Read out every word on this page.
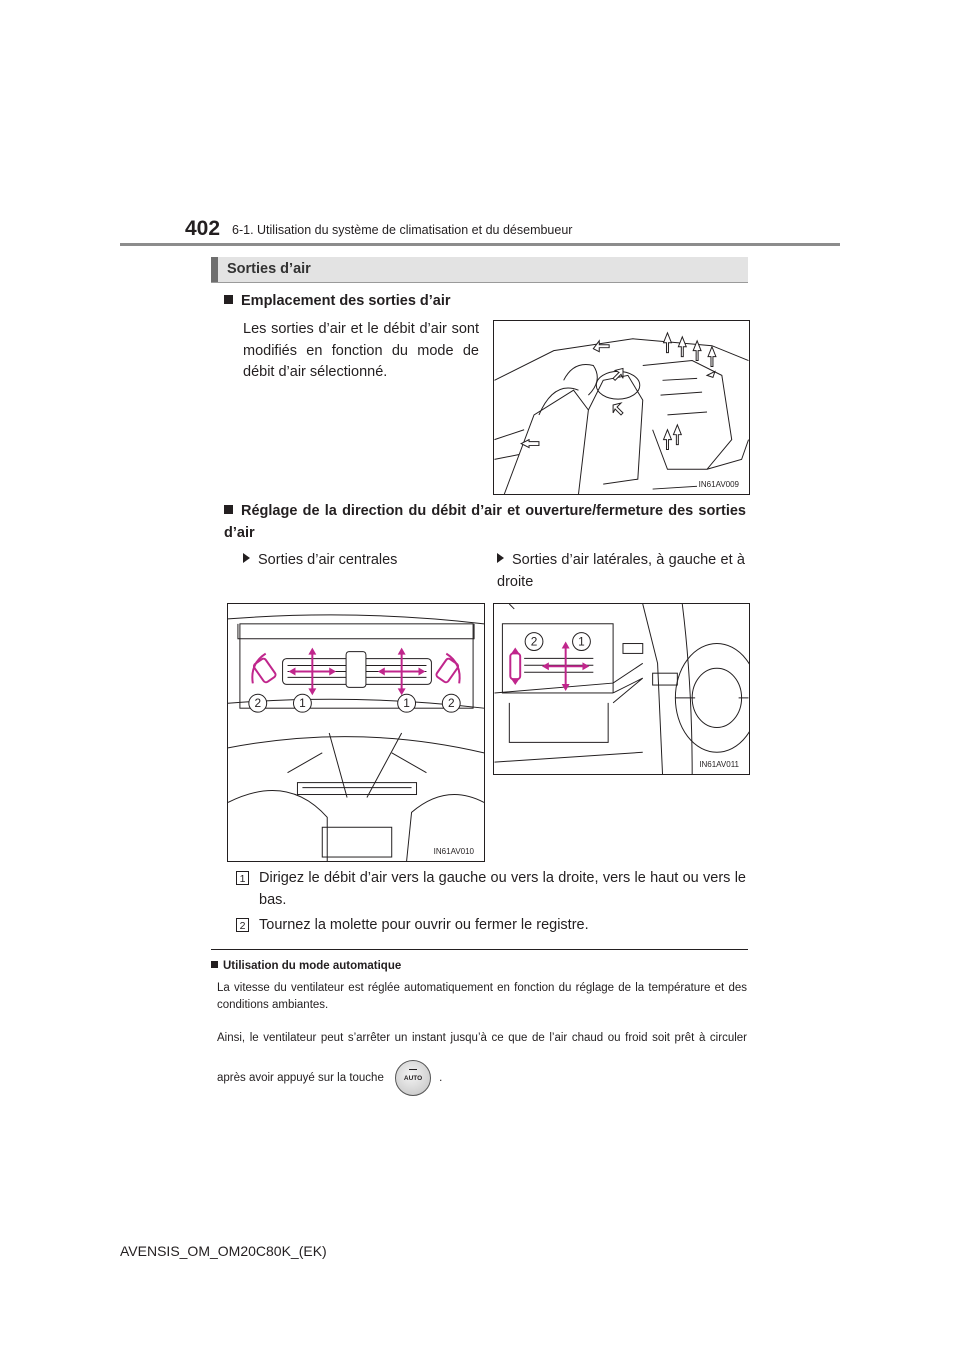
402 6-1. Utilisation du système de climatisation et du désembueur
Sorties d’air
Emplacement des sorties d’air
Les sorties d’air et le débit d’air sont modifiés en fonction du mode de débit d’air sélectionné.
IN61AV009
Réglage de la direction du débit d’air et ouverture/fermeture des sorties d’air
Sorties d’air centrales	Sorties d’air latérales, à gauche et à droite
2	1	1	2
IN61AV010
2	1
IN61AV011
1 Dirigez le débit d’air vers la gauche ou vers la droite, vers le haut ou vers le bas.
2 Tournez la molette pour ouvrir ou fermer le registre.
Utilisation du mode automatique
La vitesse du ventilateur est réglée automatiquement en fonction du réglage de la température et des conditions ambiantes.
Ainsi, le ventilateur peut s’arrêter un instant jusqu’à ce que de l’air chaud ou froid soit prêt à circuler après avoir appuyé sur la touche	AUTO	.
AVENSIS_OM_OM20C80K_(EK)
